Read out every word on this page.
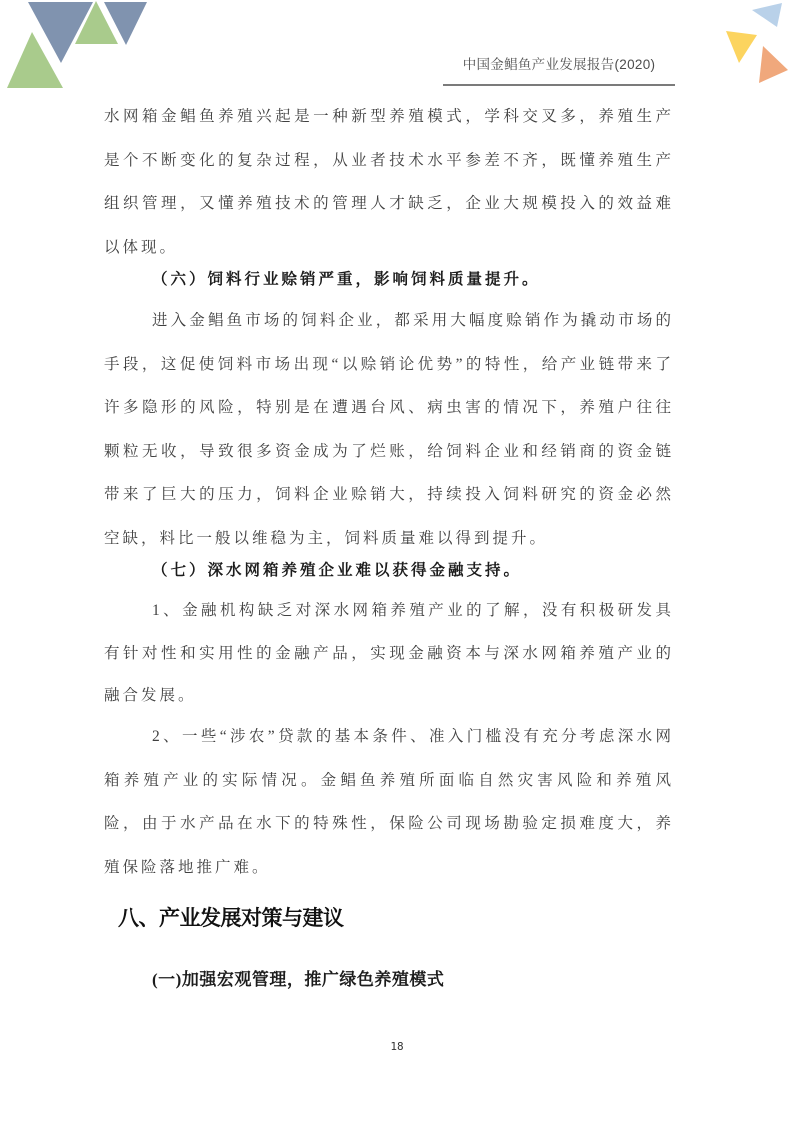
中国金鲳鱼产业发展报告(2020)
水网箱金鲳鱼养殖兴起是一种新型养殖模式，学科交叉多，养殖生产是个不断变化的复杂过程，从业者技术水平参差不齐，既懂养殖生产组织管理，又懂养殖技术的管理人才缺乏，企业大规模投入的效益难以体现。
（六）饲料行业赊销严重，影响饲料质量提升。
进入金鲳鱼市场的饲料企业，都采用大幅度赊销作为撬动市场的手段，这促使饲料市场出现“以赊销论优势”的特性，给产业链带来了许多隐形的风险，特别是在遭遇台风、病虫害的情况下，养殖户往往颗粒无收，导致很多资金成为了烂账，给饲料企业和经销商的资金链带来了巨大的压力，饲料企业赊销大，持续投入饲料研究的资金必然空缺，料比一般以维稳为主，饲料质量难以得到提升。
（七）深水网箱养殖企业难以获得金融支持。
1、金融机构缺乏对深水网箱养殖产业的了解，没有积极研发具有针对性和实用性的金融产品，实现金融资本与深水网箱养殖产业的融合发展。
2、一些“涉农”贷款的基本条件、准入门槛没有充分考虑深水网箱养殖产业的实际情况。金鲳鱼养殖所面临自然灾害风险和养殖风险，由于水产品在水下的特殊性，保险公司现场勘验定损难度大，养殖保险落地推广难。
八、产业发展对策与建议
(一)加强宏观管理，推广绿色养殖模式
18
